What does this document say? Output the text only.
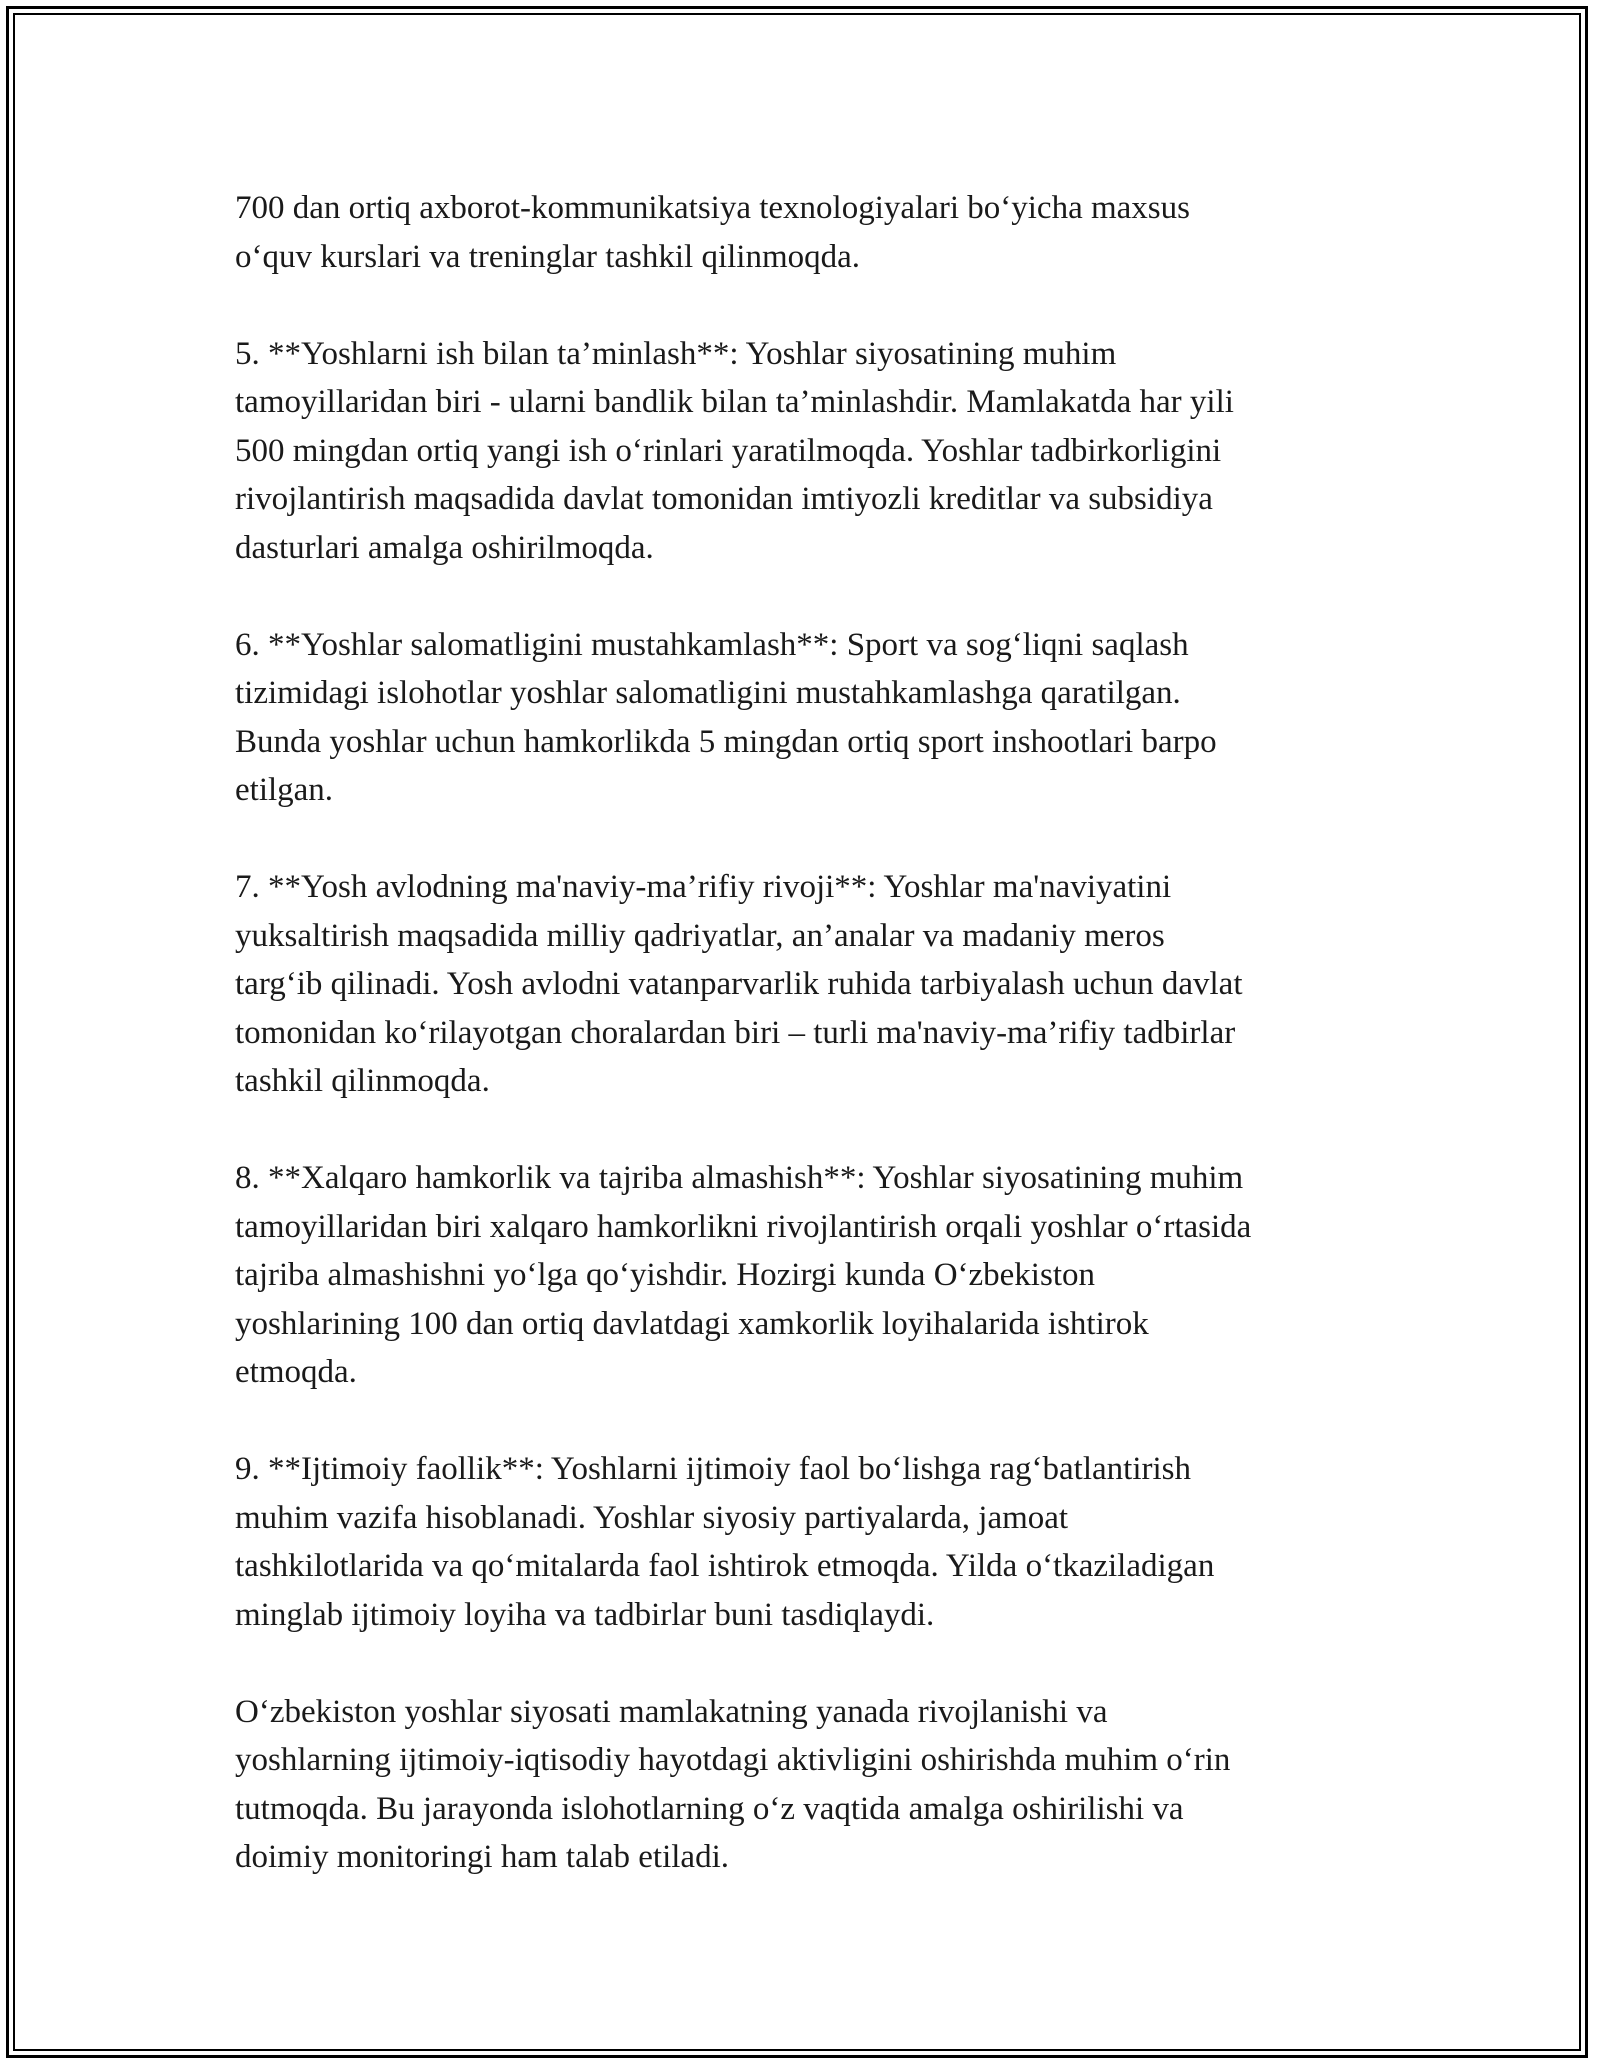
700 dan ortiq axborot-kommunikatsiya texnologiyalari bo‘yicha maxsus
o‘quv kurslari va treninglar tashkil qilinmoqda.

5. **Yoshlarni ish bilan ta’minlash**: Yoshlar siyosatining muhim
tamoyillaridan biri - ularni bandlik bilan ta’minlashdir. Mamlakatda har yili
500 mingdan ortiq yangi ish o‘rinlari yaratilmoqda. Yoshlar tadbirkorligini
rivojlantirish maqsadida davlat tomonidan imtiyozli kreditlar va subsidiya
dasturlari amalga oshirilmoqda.

6. **Yoshlar salomatligini mustahkamlash**: Sport va sog‘liqni saqlash
tizimidagi islohotlar yoshlar salomatligini mustahkamlashga qaratilgan.
Bunda yoshlar uchun hamkorlikda 5 mingdan ortiq sport inshootlari barpo
etilgan.

7. **Yosh avlodning ma'naviy-ma’rifiy rivoji**: Yoshlar ma'naviyatini
yuksaltirish maqsadida milliy qadriyatlar, an’analar va madaniy meros
targ‘ib qilinadi. Yosh avlodni vatanparvarlik ruhida tarbiyalash uchun davlat
tomonidan ko‘rilayotgan choralardan biri – turli ma'naviy-ma’rifiy tadbirlar
tashkil qilinmoqda.

8. **Xalqaro hamkorlik va tajriba almashish**: Yoshlar siyosatining muhim
tamoyillaridan biri xalqaro hamkorlikni rivojlantirish orqali yoshlar o‘rtasida
tajriba almashishni yo‘lga qo‘yishdir. Hozirgi kunda O‘zbekiston
yoshlarining 100 dan ortiq davlatdagi xamkorlik loyihalarida ishtirok
etmoqda.

9. **Ijtimoiy faollik**: Yoshlarni ijtimoiy faol bo‘lishga rag‘batlantirish
muhim vazifa hisoblanadi. Yoshlar siyosiy partiyalarda, jamoat
tashkilotlarida va qo‘mitalarda faol ishtirok etmoqda. Yilda o‘tkaziladigan
minglab ijtimoiy loyiha va tadbirlar buni tasdiqlaydi.

O‘zbekiston yoshlar siyosati mamlakatning yanada rivojlanishi va
yoshlarning ijtimoiy-iqtisodiy hayotdagi aktivligini oshirishda muhim o‘rin
tutmoqda. Bu jarayonda islohotlarning o‘z vaqtida amalga oshirilishi va
doimiy monitoringi ham talab etiladi.
